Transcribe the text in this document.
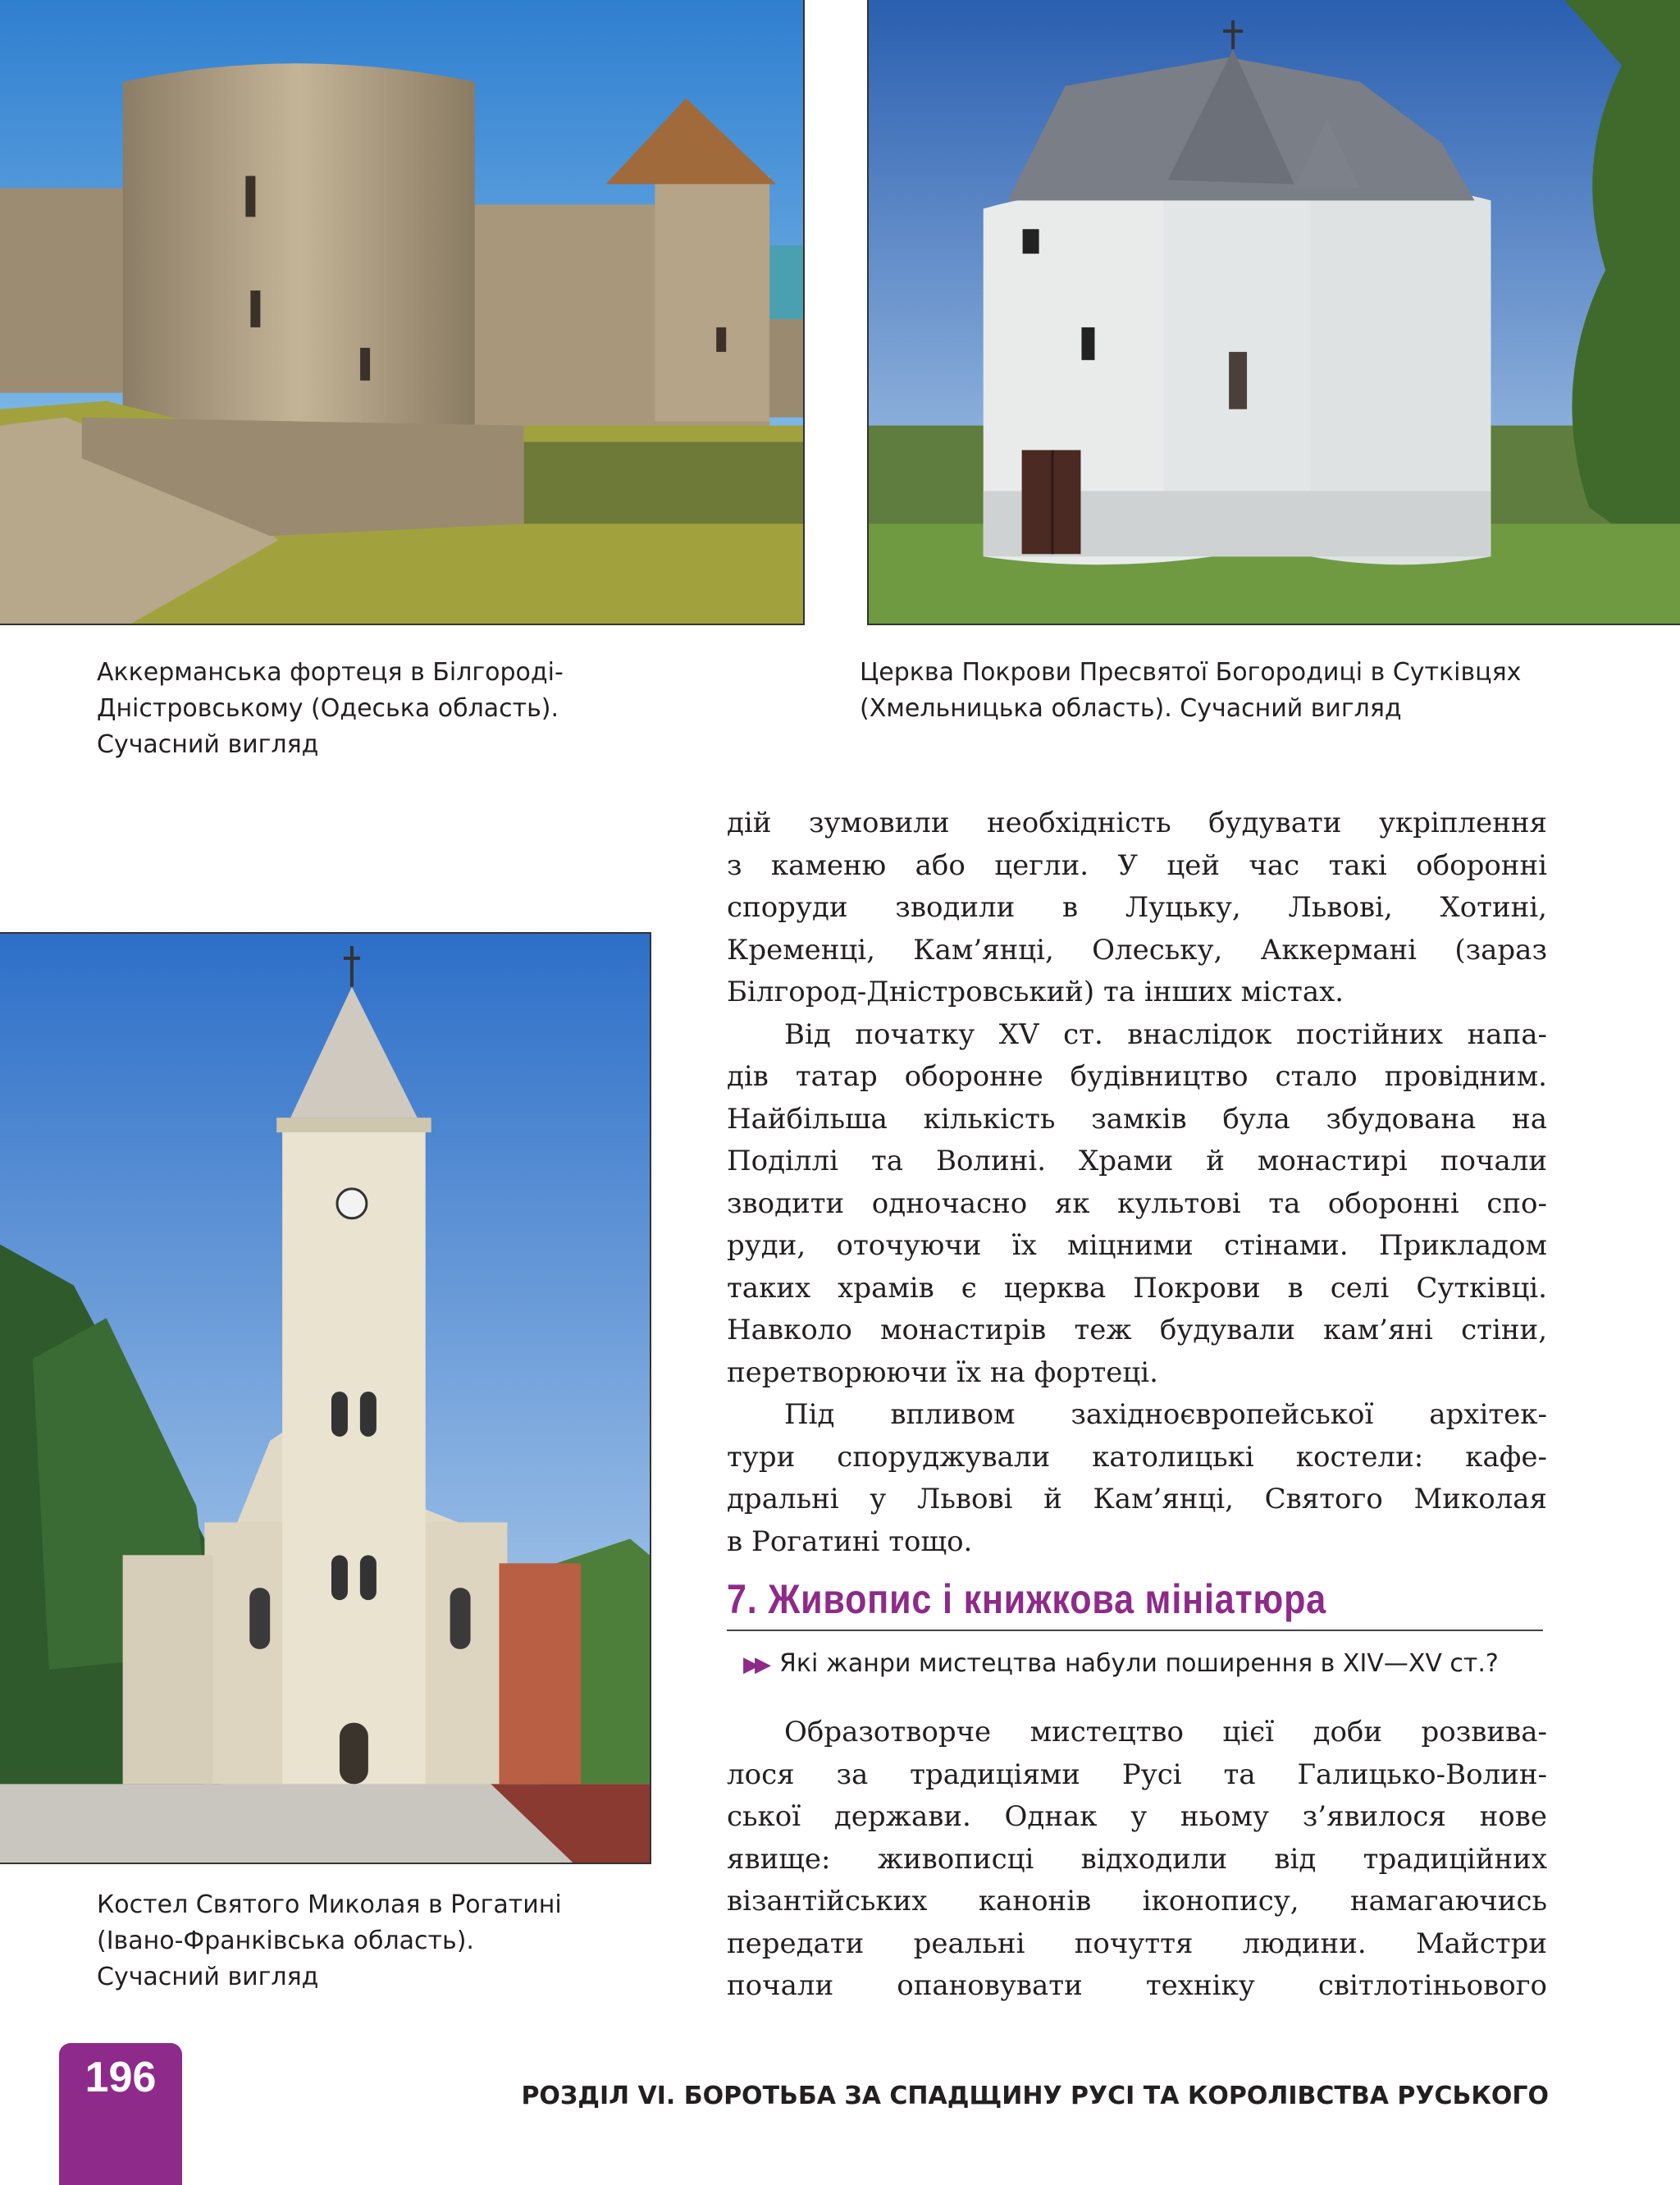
Аккерманська фортеця в Білгороді-
Дністровському (Одеська область).
Сучасний вигляд
Церква Покрови Пресвятої Богородиці в Сутківцях
(Хмельницька область). Сучасний вигляд
Костел Святого Миколая в Рогатині
(Івано-Франківська область).
Сучасний вигляд
дій зумовили необхідність будувати укріплення
з каменю або цегли. У цей час такі оборонні
споруди зводили в Луцьку, Львові, Хотині,
Кременці, Кам’янці, Олеську, Аккермані (зараз
Білгород-Дністровський) та інших містах.
Від початку XV ст. внаслідок постійних напа-
дів татар оборонне будівництво стало провідним.
Найбільша кількість замків була збудована на
Поділлі та Волині. Храми й монастирі почали
зводити одночасно як культові та оборонні спо-
руди, оточуючи їх міцними стінами. Прикладом
таких храмів є церква Покрови в селі Сутківці.
Навколо монастирів теж будували кам’яні стіни,
перетворюючи їх на фортеці.
Під впливом західноєвропейської архітек-
тури споруджували католицькі костели: кафе-
дральні у Львові й Кам’янці, Святого Миколая
в Рогатині тощо.
7. Живопис і книжкова мініатюра
▶▶ Які жанри мистецтва набули поширення в XIV—XV ст.?
Образотворче мистецтво цієї доби розвива-
лося за традиціями Русі та Галицько-Волин-
ської держави. Однак у ньому з’явилося нове
явище: живописці відходили від традиційних
візантійських канонів іконопису, намагаючись
передати реальні почуття людини. Майстри
почали опановувати техніку світлотіньового
196	РОЗДІЛ VI. БОРОТЬБА ЗА СПАДЩИНУ РУСІ ТА КОРОЛІВСТВА РУСЬКОГО
